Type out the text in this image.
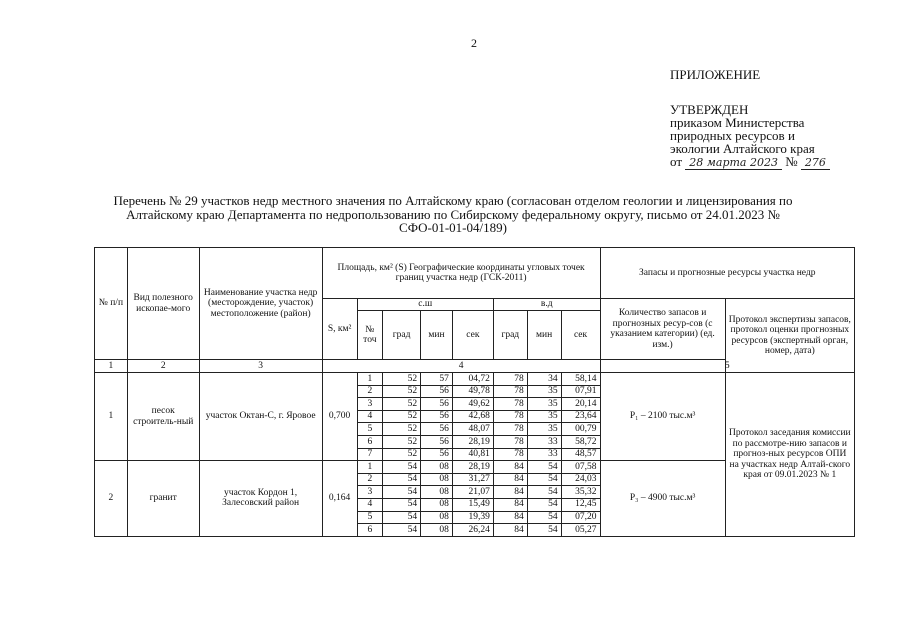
2
ПРИЛОЖЕНИЕ
УТВЕРЖДЕН
приказом Министерства
природных ресурсов и
экологии Алтайского края
от 28 марта 2023 № 276
Перечень № 29 участков недр местного значения по Алтайскому краю (согласован отделом геологии и лицензирования по Алтайскому краю Департамента по недропользованию по Сибирскому федеральному округу, письмо от 24.01.2023 № СФО-01-01-04/189)
№ п/п	Вид полезного ископае-мого	Наименование участка недр (месторождение, участок) местоположение (район)	Площадь, км² (S) Географические координаты угловых точек границ участка недр (ГСК-2011)								Запасы и прогнозные ресурсы участка недр	
			S, км²	с.ш				в.д			Количество запасов и прогнозных ресур-сов (с указанием категории) (ед. изм.)	Протокол экспертизы запасов, протокол оценки прогнозных ресурсов (экспертный орган, номер, дата)
				№ точ	град	мин	сек	град	мин	сек		
1	2	3	4								5	
1	песок строитель-ный	участок Октан-С, г. Яровое	0,700	1	52	57	04,72	78	34	58,14	P₁ – 2100 тыс.м³	Протокол заседания комиссии по рассмотре-нию запасов и прогноз-ных ресурсов ОПИ на участках недр Алтай-ского края от 09.01.2023 № 1
				2	52	56	49,78	78	35	07,91		
				3	52	56	49,62	78	35	20,14		
				4	52	56	42,68	78	35	23,64		
				5	52	56	48,07	78	35	00,79		
				6	52	56	28,19	78	33	58,72		
				7	52	56	40,81	78	33	48,57		
2	гранит	участок Кордон 1, Залесовский район	0,164	1	54	08	28,19	84	54	07,58	P₃ – 4900 тыс.м³	
				2	54	08	31,27	84	54	24,03		
				3	54	08	21,07	84	54	35,32		
				4	54	08	15,49	84	54	12,45		
				5	54	08	19,39	84	54	07,20		
				6	54	08	26,24	84	54	05,27		
